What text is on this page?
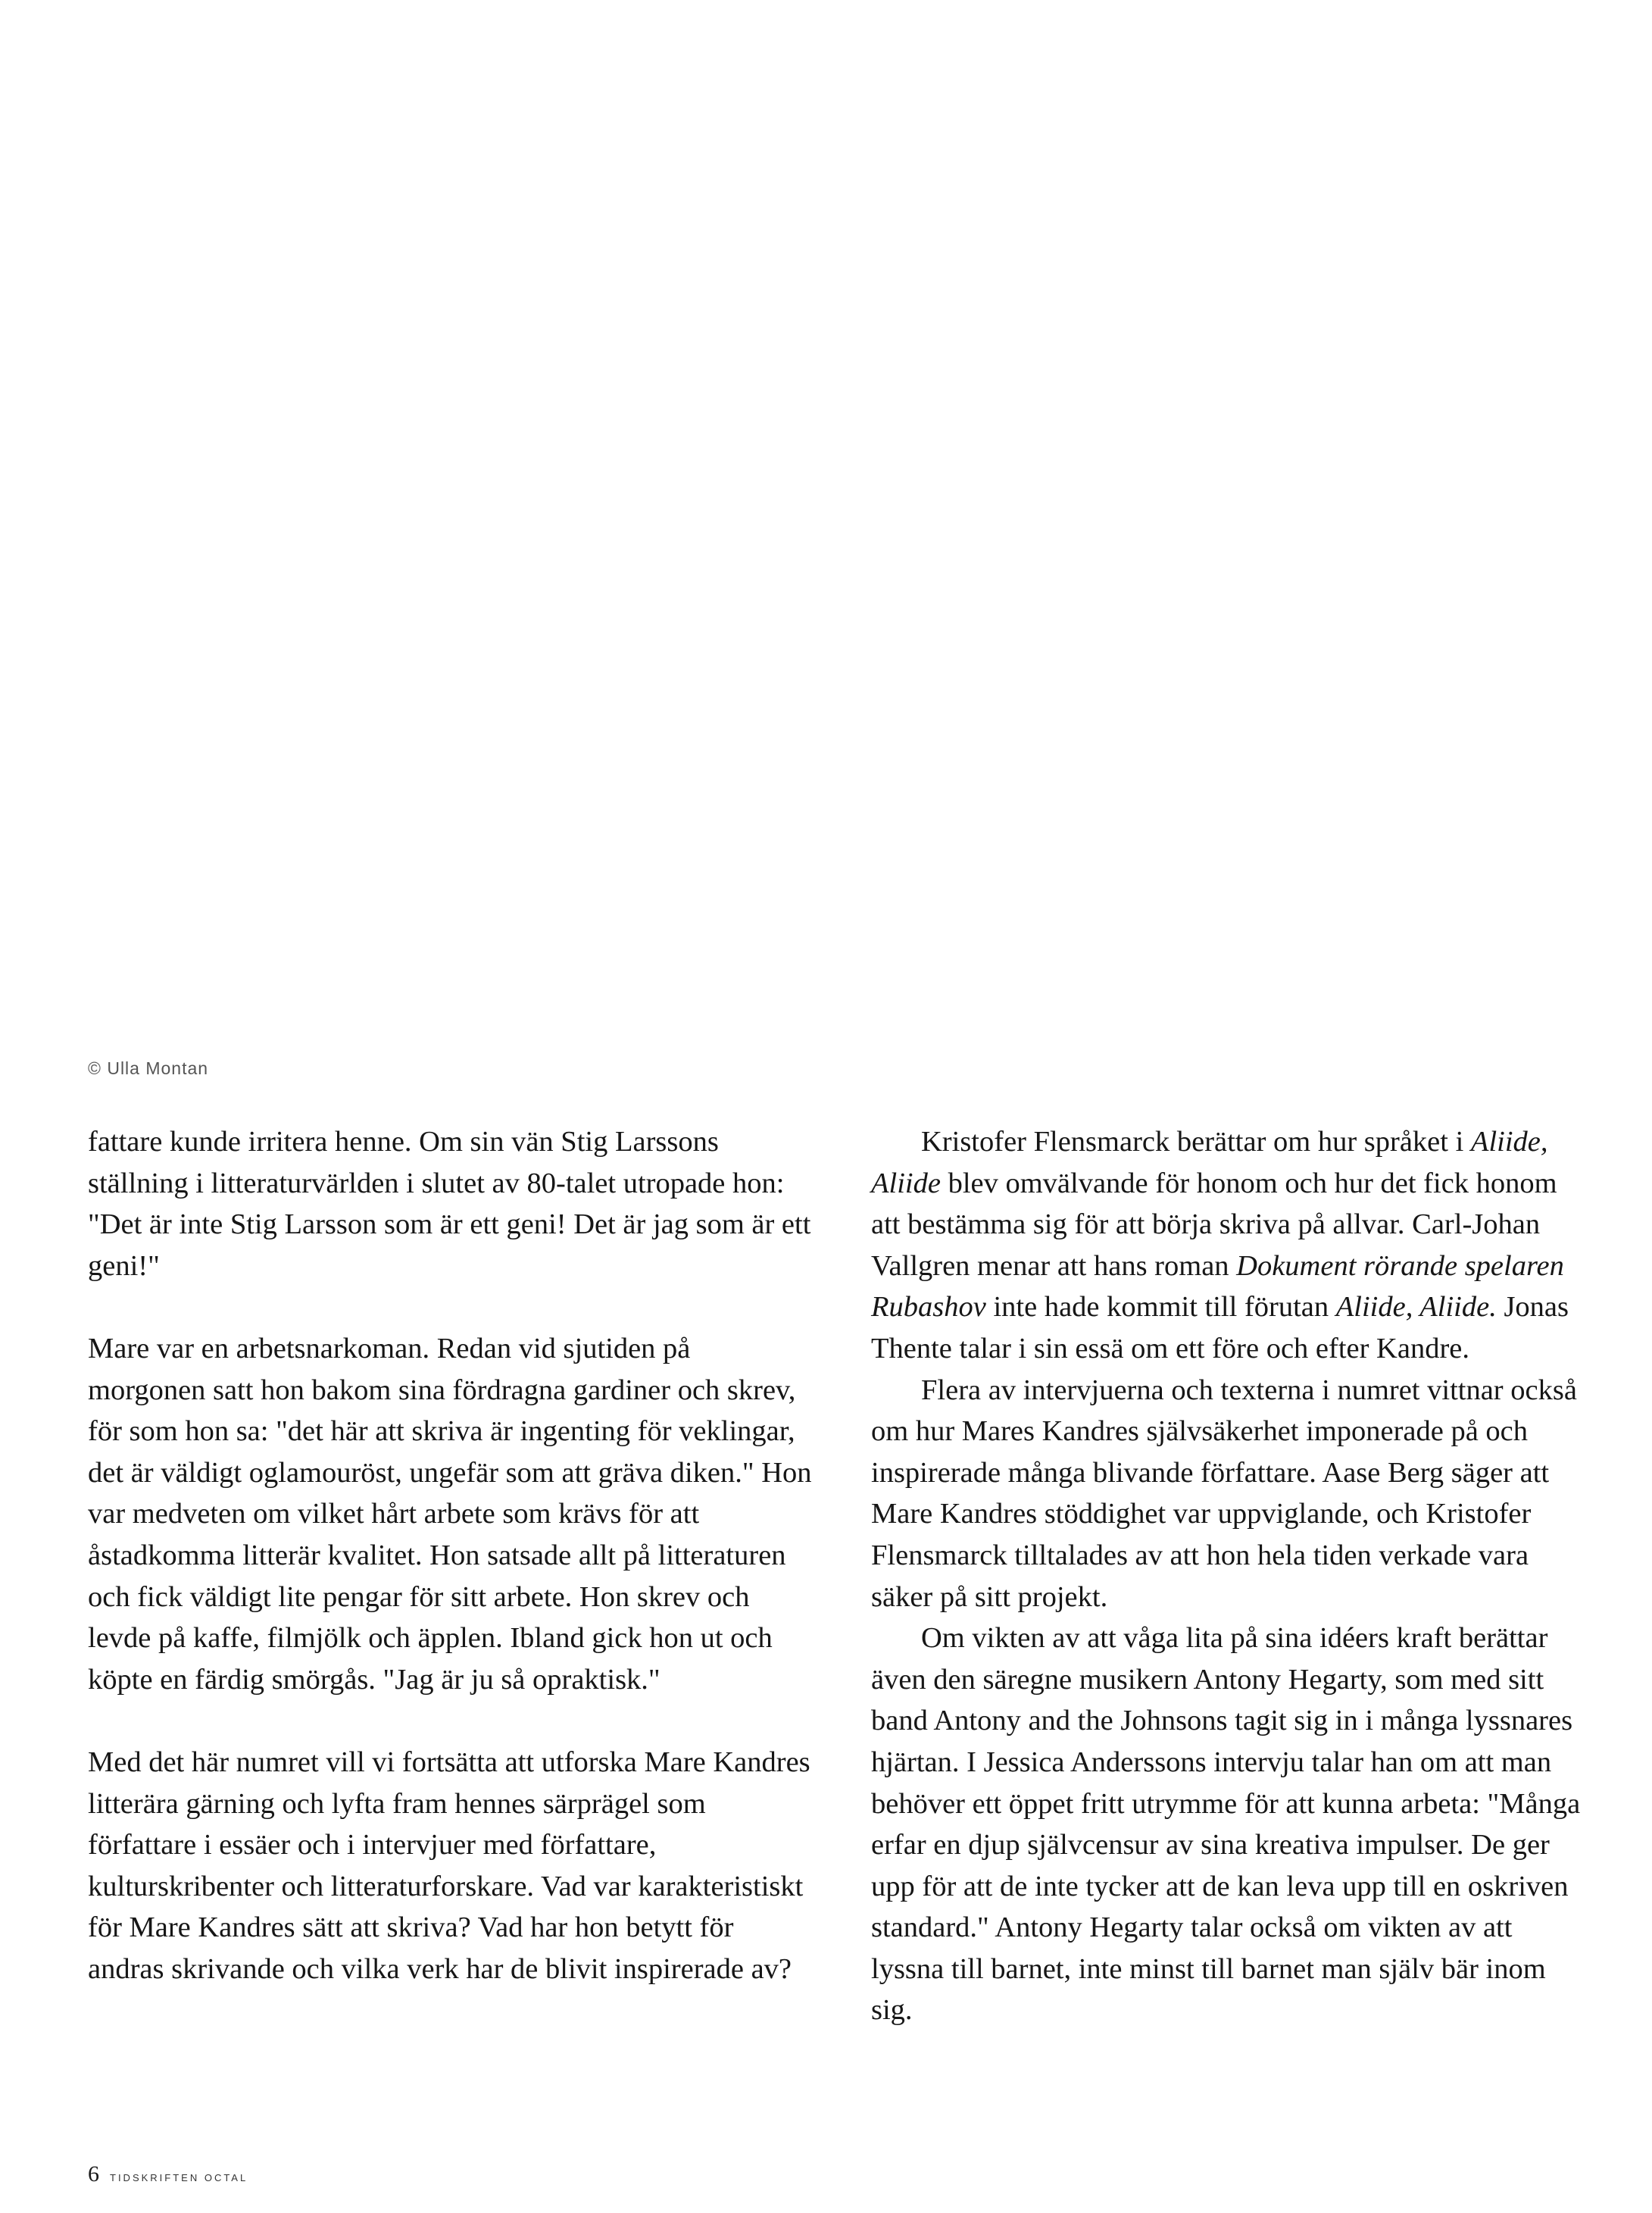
© Ulla Montan

fattare kunde irritera henne. Om sin vän Stig Larssons ställning i litteraturvärlden i slutet av 80-talet utropade hon: "Det är inte Stig Larsson som är ett geni! Det är jag som är ett geni!"

Mare var en arbetsnarkoman. Redan vid sjutiden på morgonen satt hon bakom sina fördragna gardiner och skrev, för som hon sa: "det här att skriva är ingenting för veklingar, det är väldigt oglamouröst, ungefär som att gräva diken." Hon var medveten om vilket hårt arbete som krävs för att åstadkomma litterär kvalitet. Hon satsade allt på litteraturen och fick väldigt lite pengar för sitt arbete. Hon skrev och levde på kaffe, filmjölk och äpplen. Ibland gick hon ut och köpte en färdig smörgås. "Jag är ju så opraktisk."

Med det här numret vill vi fortsätta att utforska Mare Kandres litterära gärning och lyfta fram hennes särprägel som författare i essäer och i intervjuer med författare, kulturskribenter och litteraturforskare. Vad var karakteristiskt för Mare Kandres sätt att skriva? Vad har hon betytt för andras skrivande och vilka verk har de blivit inspirerade av?

Kristofer Flensmarck berättar om hur språket i Aliide, Aliide blev omvälvande för honom och hur det fick honom att bestämma sig för att börja skriva på allvar. Carl-Johan Vallgren menar att hans roman Dokument rörande spelaren Rubashov inte hade kommit till förutan Aliide, Aliide. Jonas Thente talar i sin essä om ett före och efter Kandre.

Flera av intervjuerna och texterna i numret vittnar också om hur Mares Kandres självsäkerhet imponerade på och inspirerade många blivande författare. Aase Berg säger att Mare Kandres stöddighet var uppviglande, och Kristofer Flensmarck tilltalades av att hon hela tiden verkade vara säker på sitt projekt.

Om vikten av att våga lita på sina idéers kraft berättar även den säregne musikern Antony Hegarty, som med sitt band Antony and the Johnsons tagit sig in i många lyssnares hjärtan. I Jessica Anderssons intervju talar han om att man behöver ett öppet fritt utrymme för att kunna arbeta: "Många erfar en djup självcensur av sina kreativa impulser. De ger upp för att de inte tycker att de kan leva upp till en oskriven standard." Antony Hegarty talar också om vikten av att lyssna till barnet, inte minst till barnet man själv bär inom sig.

6 TIDSKRIFTEN OCTAL
